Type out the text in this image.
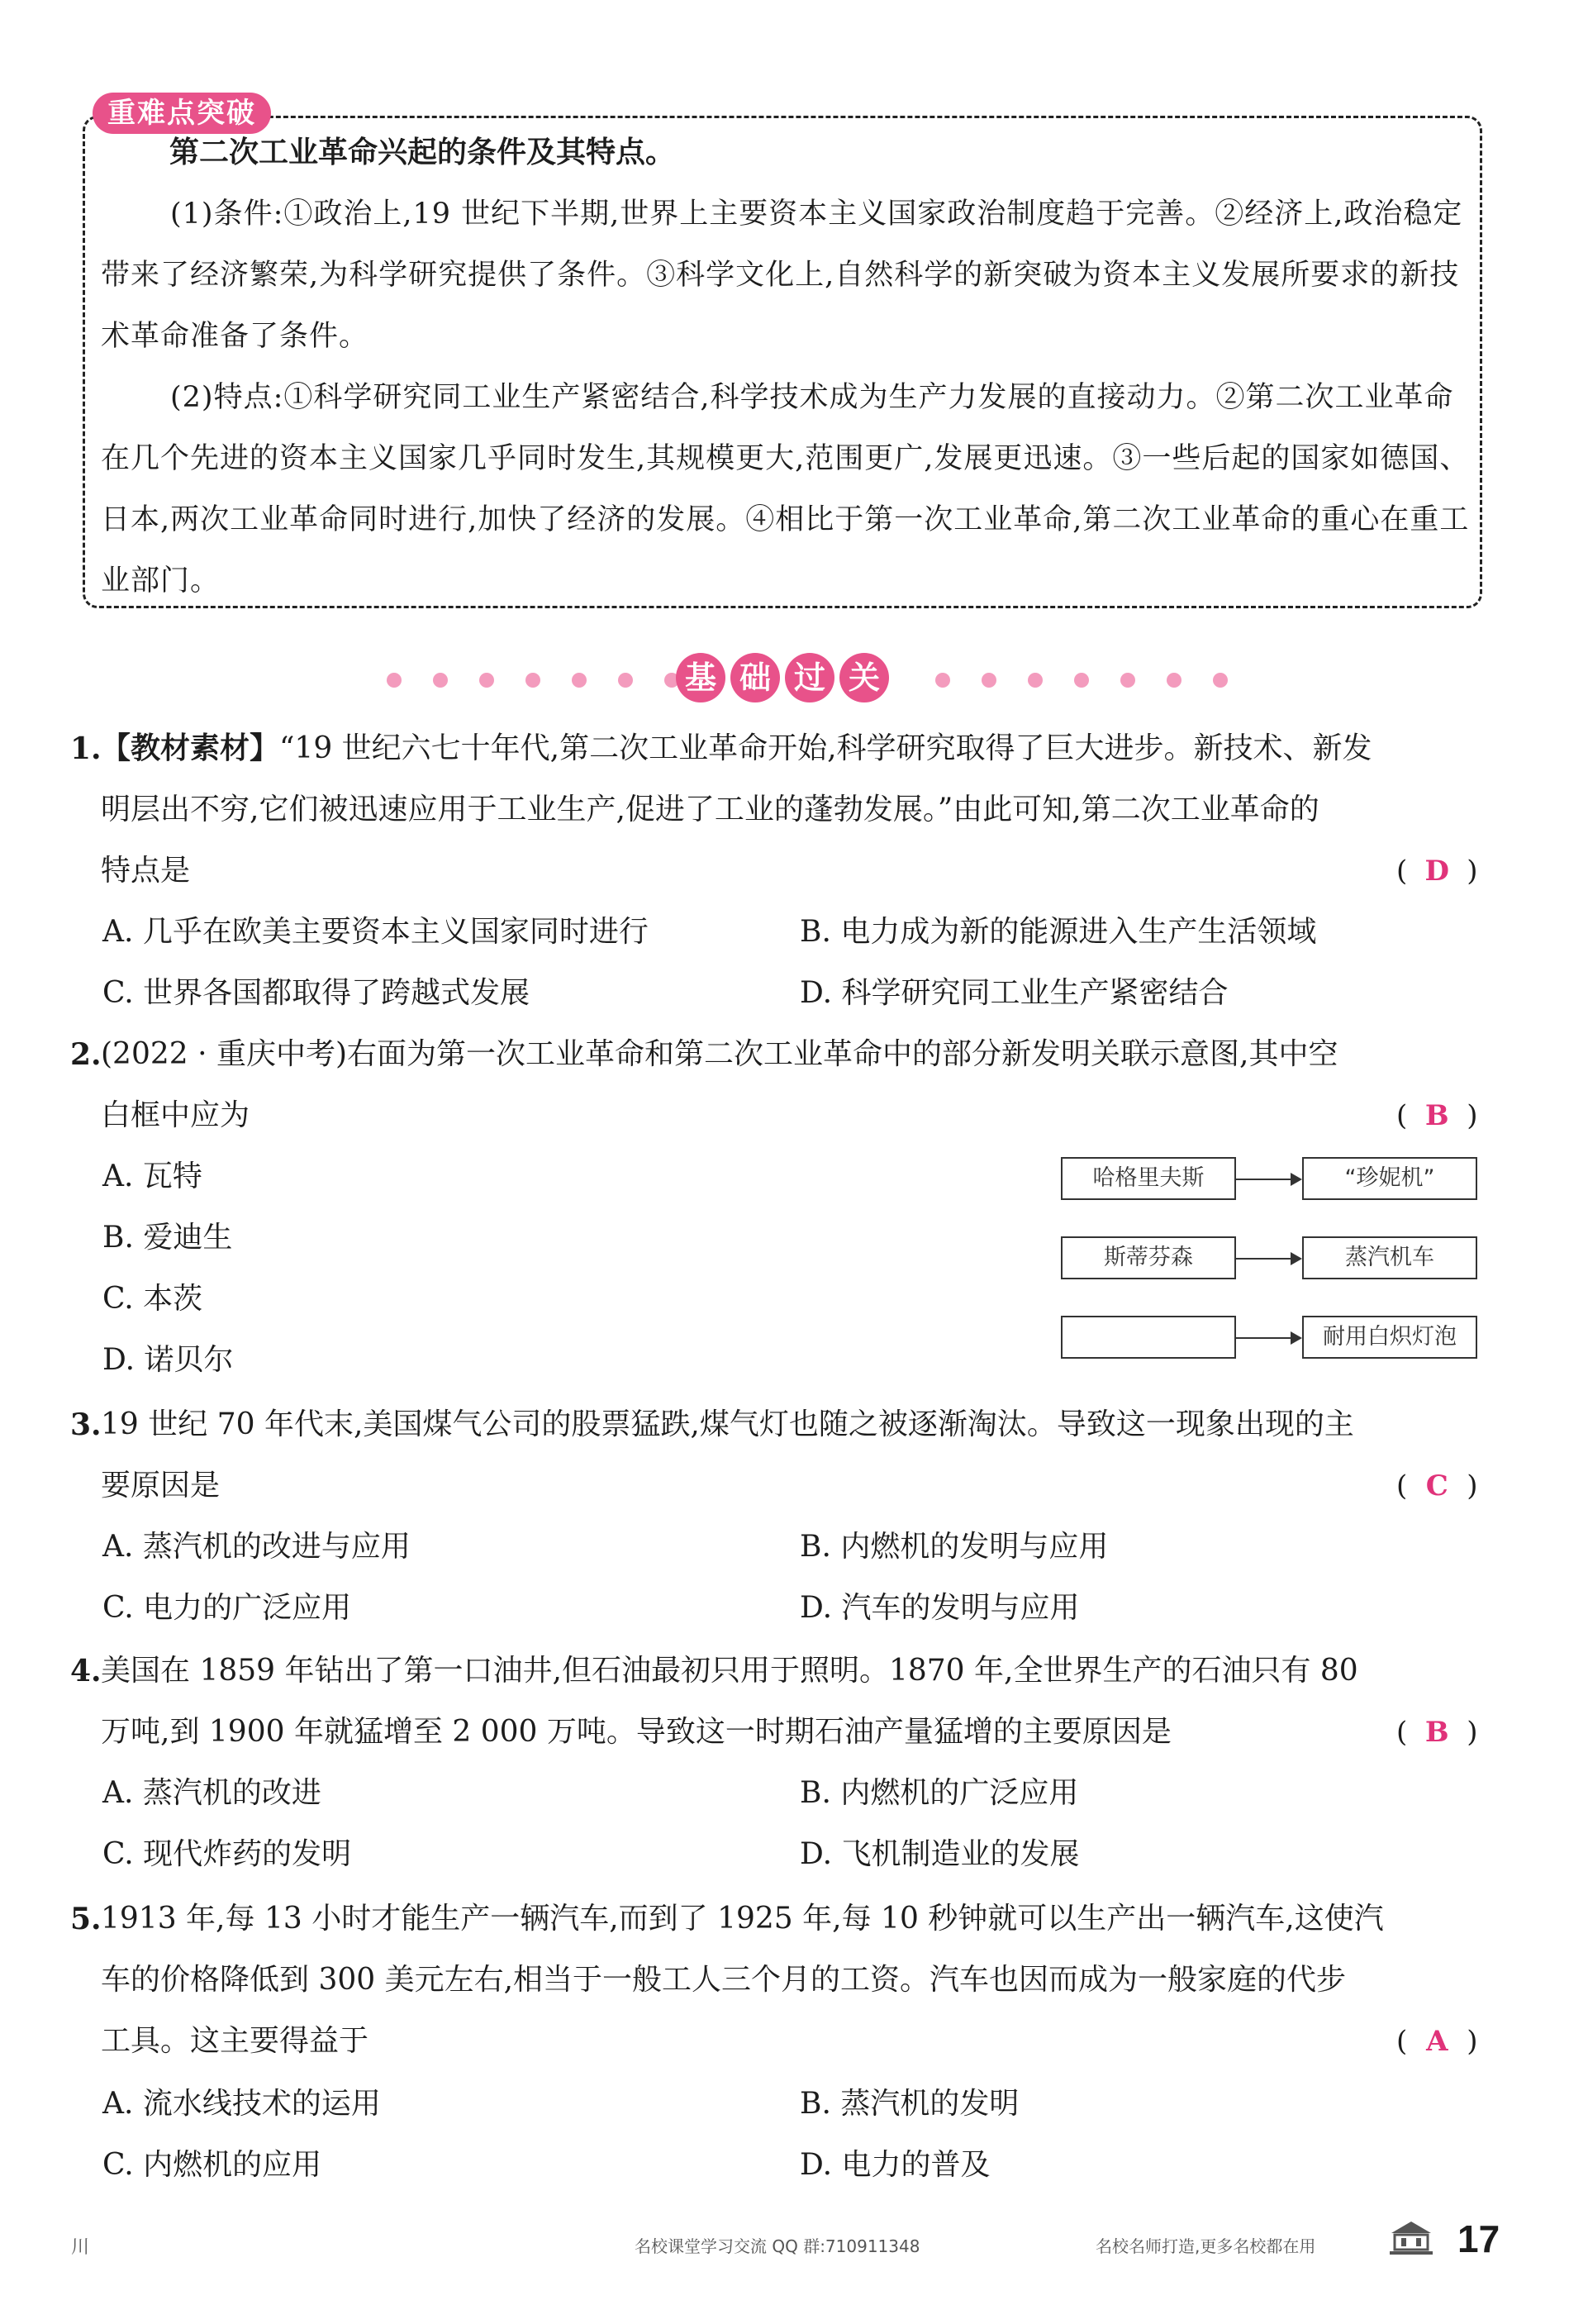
重难点突破
第二次工业革命兴起的条件及其特点。

(1)条件:①政治上,19 世纪下半期,世界上主要资本主义国家政治制度趋于完善。②经济上,政治稳定带来了经济繁荣,为科学研究提供了条件。③科学文化上,自然科学的新突破为资本主义发展所要求的新技术革命准备了条件。

(2)特点:①科学研究同工业生产紧密结合,科学技术成为生产力发展的直接动力。②第二次工业革命在几个先进的资本主义国家几乎同时发生,其规模更大,范围更广,发展更迅速。③一些后起的国家如德国、日本,两次工业革命同时进行,加快了经济的发展。④相比于第一次工业革命,第二次工业革命的重心在重工业部门。

基 础 过 关
1. 【教材素材】“19 世纪六七十年代,第二次工业革命开始,科学研究取得了巨大进步。新技术、新发
明层出不穷,它们被迅速应用于工业生产,促进了工业的蓬勃发展。”由此可知,第二次工业革命的
特点是	( D )
A. 几乎在欧美主要资本主义国家同时进行	B. 电力成为新的能源进入生产生活领域
C. 世界各国都取得了跨越式发展	D. 科学研究同工业生产紧密结合
2. (2022 · 重庆中考)右面为第一次工业革命和第二次工业革命中的部分新发明关联示意图,其中空
白框中应为	( B )
A. 瓦特
B. 爱迪生
C. 本茨
D. 诺贝尔
哈格里夫斯	“珍妮机”
斯蒂芬森	蒸汽机车
耐用白炽灯泡
3. 19 世纪 70 年代末,美国煤气公司的股票猛跌,煤气灯也随之被逐渐淘汰。导致这一现象出现的主
要原因是	( C )
A. 蒸汽机的改进与应用	B. 内燃机的发明与应用
C. 电力的广泛应用	D. 汽车的发明与应用
4. 美国在 1859 年钻出了第一口油井,但石油最初只用于照明。1870 年,全世界生产的石油只有 80
万吨,到 1900 年就猛增至 2 000 万吨。导致这一时期石油产量猛增的主要原因是	( B )
A. 蒸汽机的改进	B. 内燃机的广泛应用
C. 现代炸药的发明	D. 飞机制造业的发展
5. 1913 年,每 13 小时才能生产一辆汽车,而到了 1925 年,每 10 秒钟就可以生产出一辆汽车,这使汽
车的价格降低到 300 美元左右,相当于一般工人三个月的工资。汽车也因而成为一般家庭的代步
工具。这主要得益于	( A )
A. 流水线技术的运用	B. 蒸汽机的发明
C. 内燃机的应用	D. 电力的普及
川	名校课堂学习交流 QQ 群:710911348	名校名师打造,更多名校都在用	17
